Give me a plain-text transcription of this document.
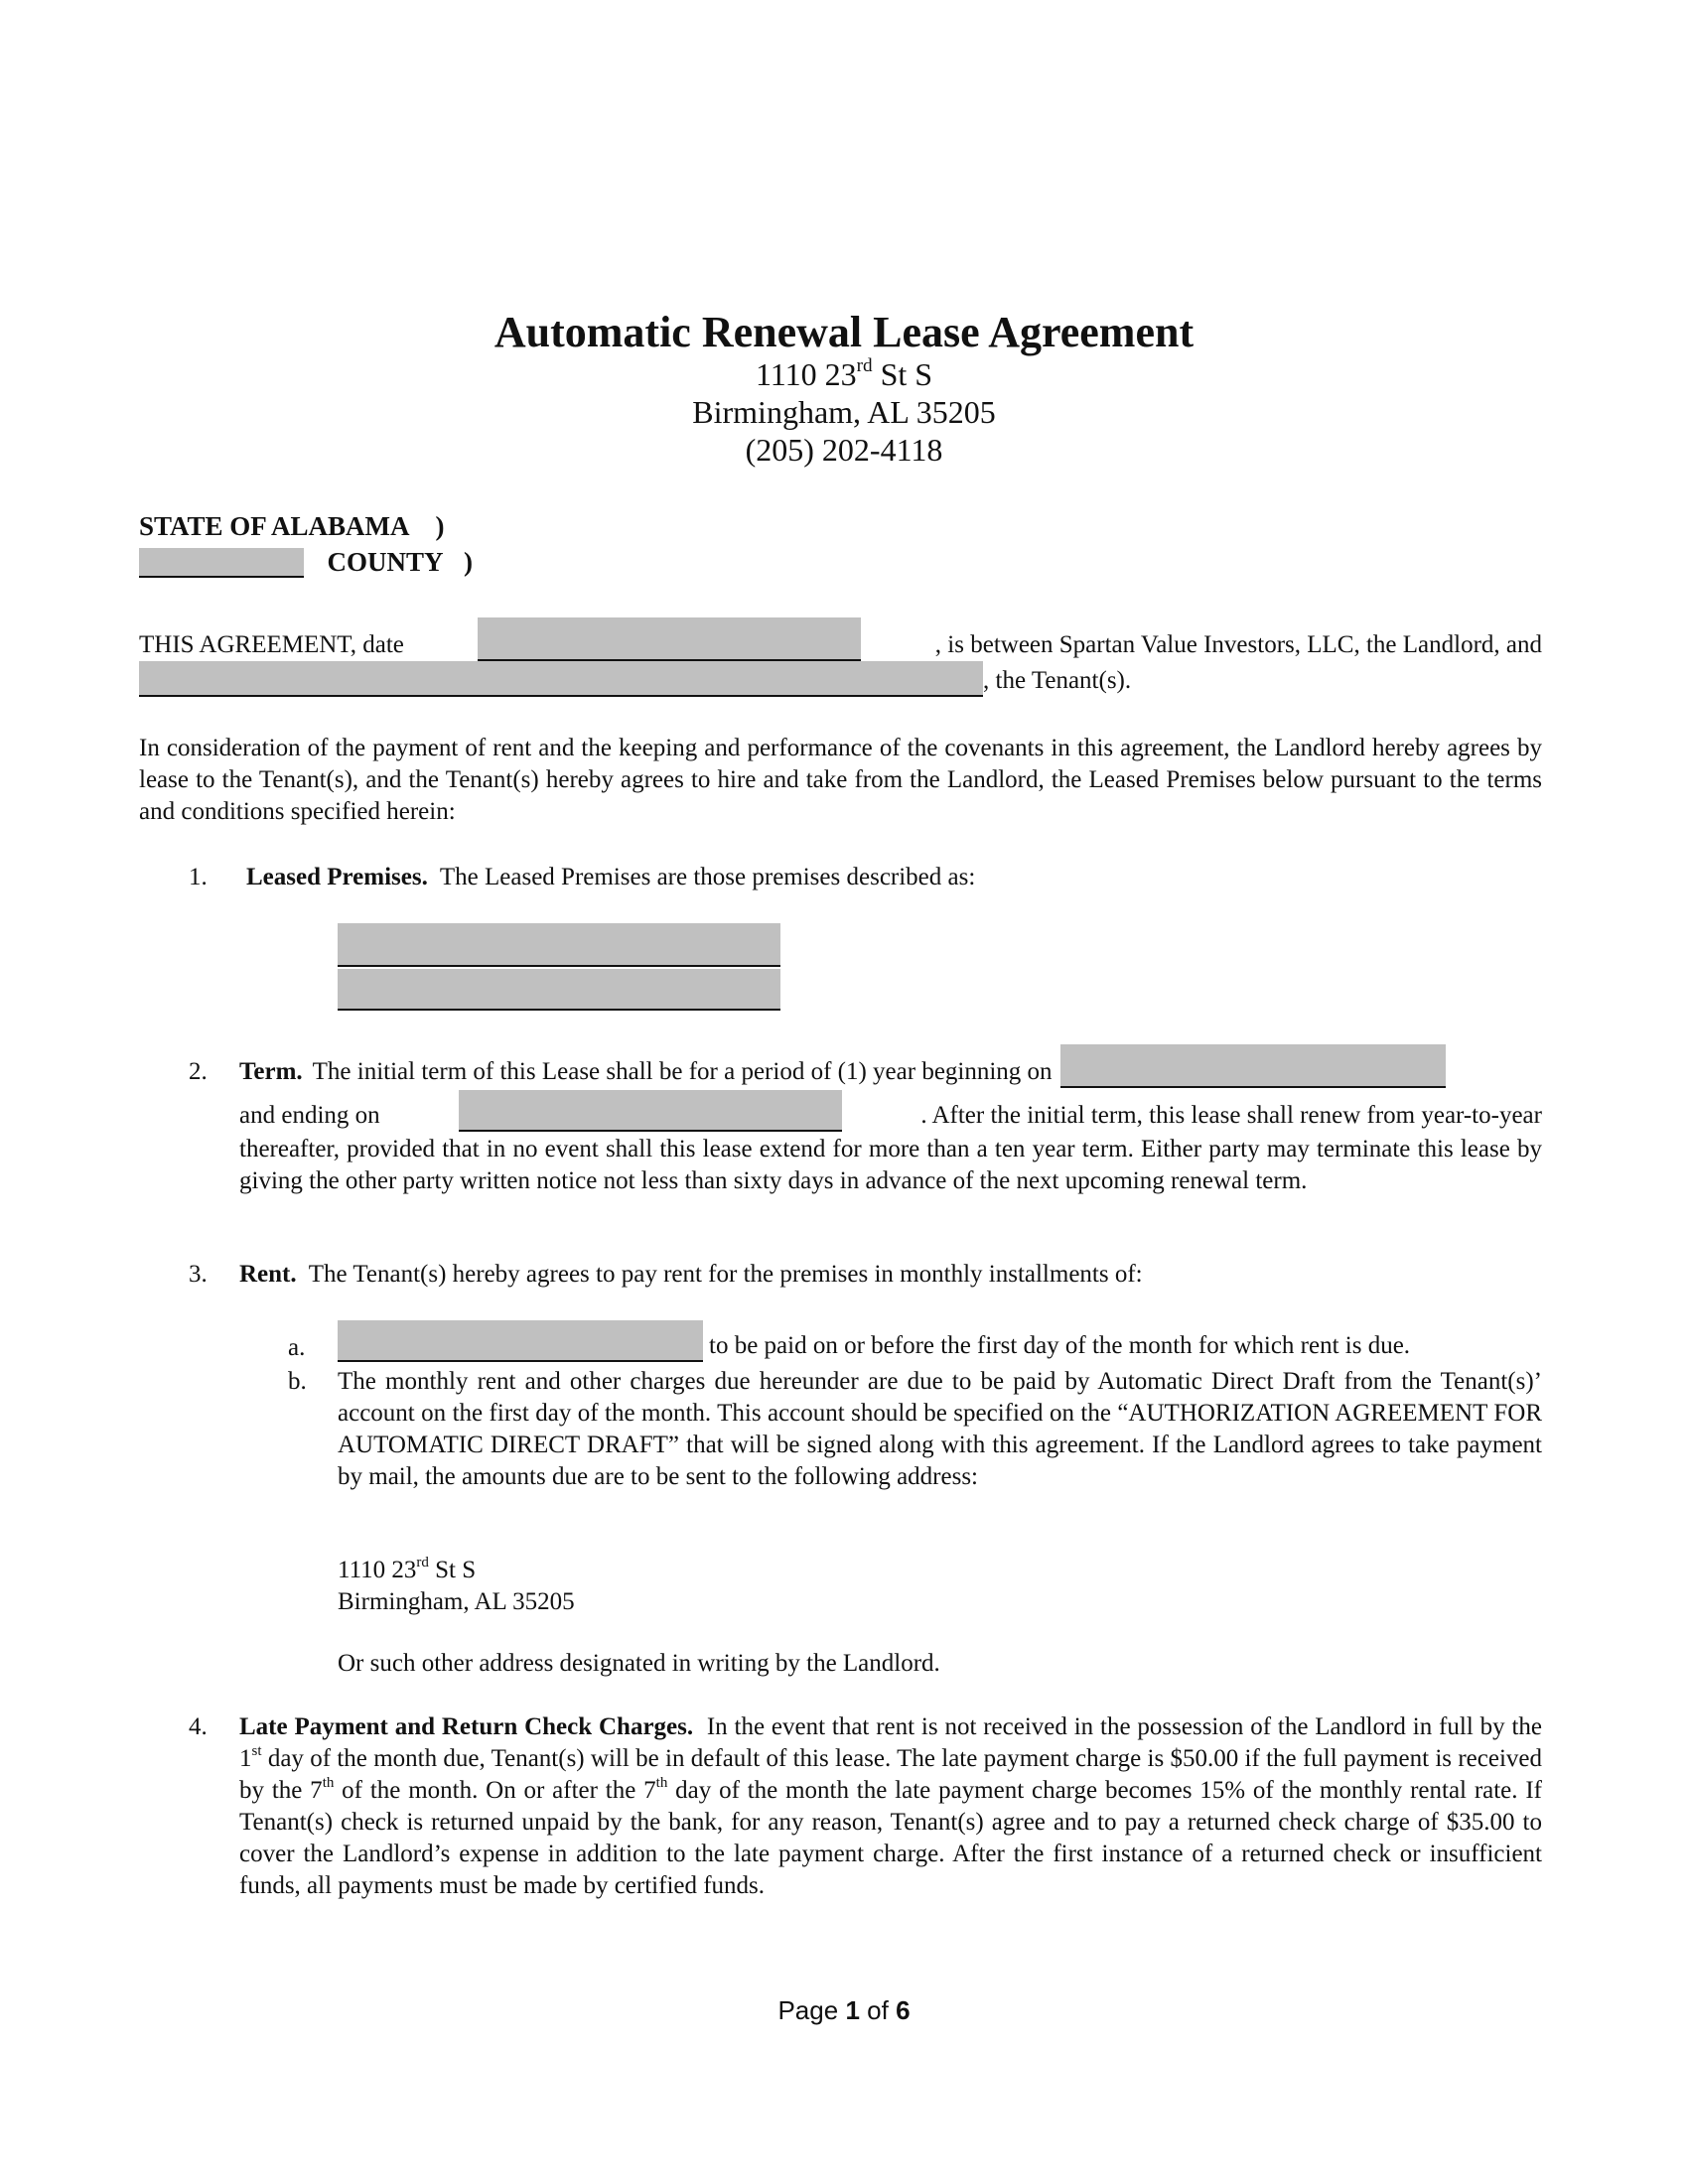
Automatic Renewal Lease Agreement
1110 23rd St S
Birmingham, AL 35205
(205) 202-4118
STATE OF ALABAMA )
COUNTY )
THIS AGREEMENT, date	, is between Spartan Value Investors, LLC, the Landlord, and
, the Tenant(s).
In consideration of the payment of rent and the keeping and performance of the covenants in this agreement, the Landlord hereby agrees by lease to the Tenant(s), and the Tenant(s) hereby agrees to hire and take from the Landlord, the Leased Premises below pursuant to the terms and conditions specified herein:
1. Leased Premises. The Leased Premises are those premises described as:
2. Term. The initial term of this Lease shall be for a period of (1) year beginning on
and ending on	. After the initial term, this lease shall renew from year-to-year
thereafter, provided that in no event shall this lease extend for more than a ten year term. Either party may terminate this lease by giving the other party written notice not less than sixty days in advance of the next upcoming renewal term.
3. Rent. The Tenant(s) hereby agrees to pay rent for the premises in monthly installments of:
a.	to be paid on or before the first day of the month for which rent is due.
b. The monthly rent and other charges due hereunder are due to be paid by Automatic Direct Draft from the Tenant(s)’ account on the first day of the month. This account should be specified on the “AUTHORIZATION AGREEMENT FOR AUTOMATIC DIRECT DRAFT” that will be signed along with this agreement. If the Landlord agrees to take payment by mail, the amounts due are to be sent to the following address:
1110 23rd St S
Birmingham, AL 35205
Or such other address designated in writing by the Landlord.
4. Late Payment and Return Check Charges. In the event that rent is not received in the possession of the Landlord in full by the 1st day of the month due, Tenant(s) will be in default of this lease. The late payment charge is $50.00 if the full payment is received by the 7th of the month. On or after the 7th day of the month the late payment charge becomes 15% of the monthly rental rate. If Tenant(s) check is returned unpaid by the bank, for any reason, Tenant(s) agree and to pay a returned check charge of $35.00 to cover the Landlord’s expense in addition to the late payment charge. After the first instance of a returned check or insufficient funds, all payments must be made by certified funds.
Page 1 of 6
